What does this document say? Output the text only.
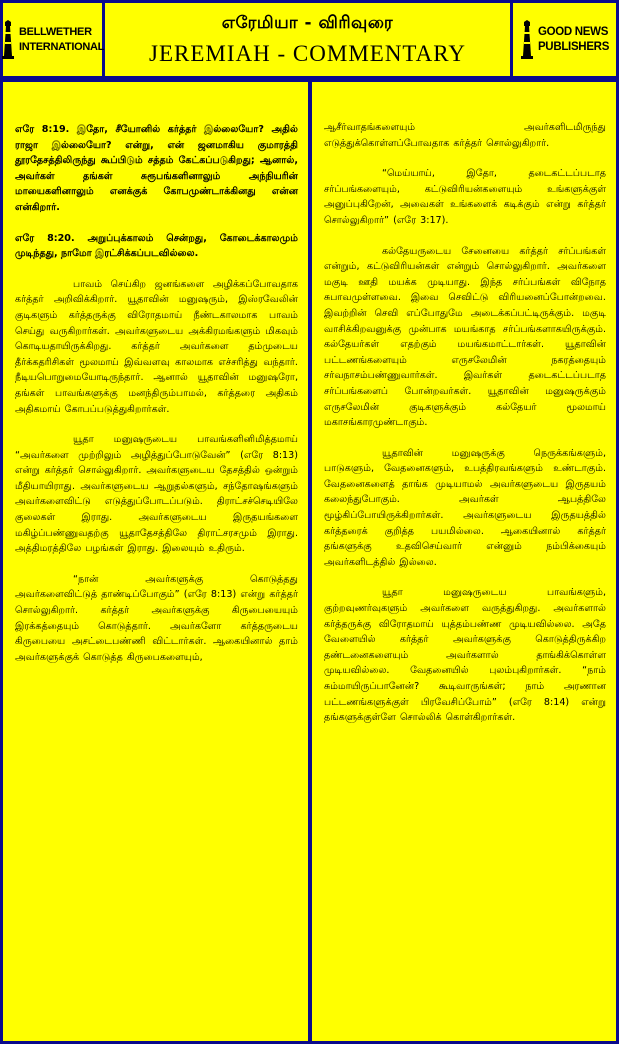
BELLWETHER
INTERNATIONAL
எரேமியா - விரிவுரை
JEREMIAH - COMMENTARY
GOOD NEWS
PUBLISHERS
எரே 8:19. இதோ, சீயோனில் கர்த்தர் இல்லையோ? அதில் ராஜா இல்லையோ? என்று, என் ஜனமாகிய குமாரத்தி தூரதேசத்திலிருந்து கூப்பிடும் சத்தம் கேட்கப்படுகிறது; ஆனால், அவர்கள் தங்கள் சுரூபங்களினாலும் அந்நியரின் மாயைகளினாலும் எனக்குக் கோபமுண்டாக்கினது என்ன என்கிறார்.
எரே 8:20. அறுப்புக்காலம் சென்றது, கோடைக்காலமும் முடிந்தது, நாமோ இரட்சிக்கப்படவில்லை.
பாவம் செய்கிற ஜனங்களை அழிக்கப்போவதாக கர்த்தர் அறிவிக்கிறார். யூதாவின் மனுஷரும், இஸ்ரவேலின் குடிகளும் கர்த்தருக்கு விரோதமாய் நீண்டகாலமாக பாவம் செய்து வருகிறார்கள். அவர்களுடைய அக்கிரமங்களும் மிகவும் கொடியதாயிருக்கிறது. கர்த்தர் அவர்களை தம்முடைய தீர்க்கதரிசிகள் மூலமாய் இவ்வளவு காலமாக எச்சரித்து வந்தார். நீடியபொறுமையோடிருந்தார். ஆனால் யூதாவின் மனுஷரோ, தங்கள் பாவங்களுக்கு மனந்திரும்பாமல், கர்த்தரை அதிகம் அதிகமாய் கோபப்படுத்துகிறார்கள்.
யூதா மனுஷருடைய பாவங்களினிமித்தமாய் “அவர்களை முற்றிலும் அழித்துப்போடுவேன்” (எரே 8:13) என்று கர்த்தர் சொல்லுகிறார். அவர்களுடைய தேசத்தில் ஒன்றும் மீதியாயிராது. அவர்களுடைய ஆறுதல்களும், சந்தோஷங்களும் அவர்களைவிட்டு எடுத்துப்போடப்படும். திராட்சச்செடியிலே குலைகள் இராது. அவர்களுடைய இருதயங்களை மகிழ்ப்பண்ணுவதற்கு யூதாதேசத்திலே திராட்சரசமும் இராது. அத்திமரத்திலே பழங்கள் இராது. இலையும் உதிரும்.
“நான் அவர்களுக்கு கொடுத்தது அவர்களைவிட்டுத் தாண்டிப்போகும்” (எரே 8:13) என்று கர்த்தர் சொல்லுகிறார். கர்த்தர் அவர்களுக்கு கிருபையையும் இரக்கத்தையும் கொடுத்தார். அவர்களோ கர்த்தருடைய கிருபையை அசட்டைபண்ணி விட்டார்கள். ஆகையினால் தாம் அவர்களுக்குக் கொடுத்த கிருபைகளையும்,
ஆசீர்வாதங்களையும் அவர்களிடமிருந்து எடுத்துக்கொள்ளப்போவதாக கர்த்தர் சொல்லுகிறார்.
“மெய்யாய், இதோ, தடைகட்டப்படாத சர்ப்பங்களையும், கட்டுவிரியன்களையும் உங்களுக்குள் அனுப்புகிறேன், அவைகள் உங்களைக் கடிக்கும் என்று கர்த்தர் சொல்லுகிறார்” (எரே 3:17).
கல்தேயருடைய சேனையை கர்த்தர் சர்ப்பங்கள் என்றும், கட்டுவிரியன்கள் என்றும் சொல்லுகிறார். அவர்களை மகுடி ஊதி மயக்க முடியாது. இந்த சர்ப்பங்கள் விநோத சுபாவமுள்ளவை. இவை செவிட்டு விரியனைப்போன்றவை. இவற்றின் செவி எப்போதுமே அடைக்கப்பட்டிருக்கும். மகுடி வாசிக்கிறவனுக்கு முன்பாக மயங்காத சர்ப்பங்களாகயிருக்கும். கல்தேயர்கள் எதற்கும் மயங்கமாட்டார்கள். யூதாவின் பட்டணங்களையும் எருசலேமின் நகரத்தையும் சர்வநாசம்பண்ணுவார்கள். இவர்கள் தடைகட்டப்படாத சர்ப்பங்களைப் போன்றவர்கள். யூதாவின் மனுஷருக்கும் எருசலேமின் குடிகளுக்கும் கல்தேயர் மூலமாய் மகாசங்காரமுண்டாகும்.
யூதாவின் மனுஷருக்கு நெருக்கங்களும், பாடுகளும், வேதனைகளும், உபத்திரவங்களும் உண்டாகும். வேதனைகளைத் தாங்க முடியாமல் அவர்களுடைய இருதயம் கலைந்துபோகும். அவர்கள் ஆபத்திலே மூழ்கிப்போயிருக்கிறார்கள். அவர்களுடைய இருதயத்தில் கர்த்தரைக் குறித்த பயமில்லை. ஆகையினால் கர்த்தர் தங்களுக்கு உதவிசெய்வார் என்னும் நம்பிக்கையும் அவர்களிடத்தில் இல்லை.
யூதா மனுஷருடைய பாவங்களும், குற்றவுணர்வுகளும் அவர்களை வருத்துகிறது. அவர்களால் கர்த்தருக்கு விரோதமாய் யுத்தம்பண்ண முடியவில்லை. அதே வேளையில் கர்த்தர் அவர்களுக்கு கொடுத்திருக்கிற தண்டனைகளையும் அவர்களால் தாங்கிக்கொள்ள முடியவில்லை. வேதனையில் புலம்புகிறார்கள். “நாம் சும்மாயிருப்பானேன்? கூடிவாருங்கள்; நாம் அரணான பட்டணங்களுக்குள் பிரவேசிப்போம்” (எரே 8:14) என்று தங்களுக்குள்ளே சொல்லிக் கொள்கிறார்கள்.
